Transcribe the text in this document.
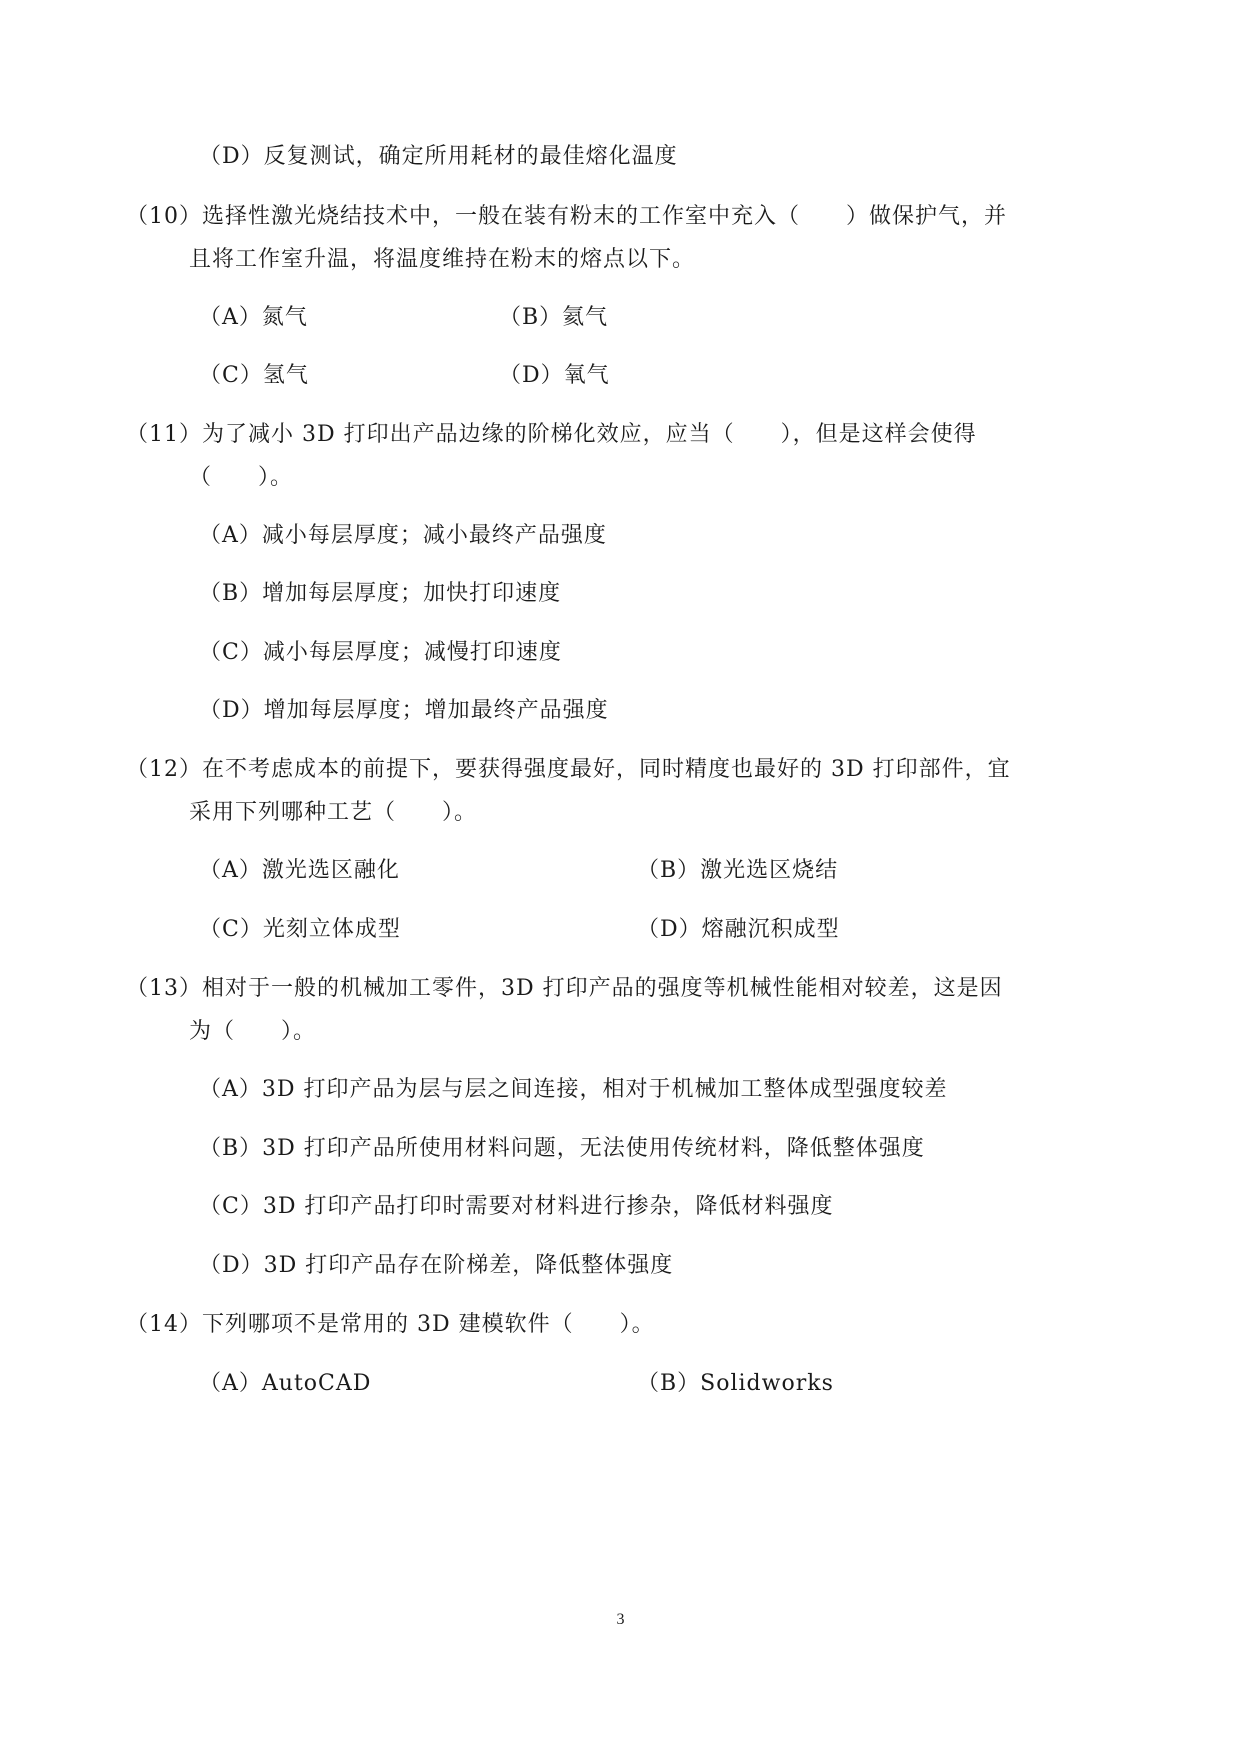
（D）反复测试，确定所用耗材的最佳熔化温度
（10）选择性激光烧结技术中，一般在装有粉末的工作室中充入（　　）做保护气，并
且将工作室升温，将温度维持在粉末的熔点以下。
（A）氮气	（B）氦气
（C）氢气	（D）氧气
（11）为了减小 3D 打印出产品边缘的阶梯化效应，应当（　　），但是这样会使得
（　　）。
（A）减小每层厚度；减小最终产品强度
（B）增加每层厚度；加快打印速度
（C）减小每层厚度；减慢打印速度
（D）增加每层厚度；增加最终产品强度
（12）在不考虑成本的前提下，要获得强度最好，同时精度也最好的 3D 打印部件，宜
采用下列哪种工艺（　　）。
（A）激光选区融化	（B）激光选区烧结
（C）光刻立体成型	（D）熔融沉积成型
（13）相对于一般的机械加工零件，3D 打印产品的强度等机械性能相对较差，这是因
为（　　）。
（A）3D 打印产品为层与层之间连接，相对于机械加工整体成型强度较差
（B）3D 打印产品所使用材料问题，无法使用传统材料，降低整体强度
（C）3D 打印产品打印时需要对材料进行掺杂，降低材料强度
（D）3D 打印产品存在阶梯差，降低整体强度
（14）下列哪项不是常用的 3D 建模软件（　　）。
（A）AutoCAD	（B）Solidworks
3
